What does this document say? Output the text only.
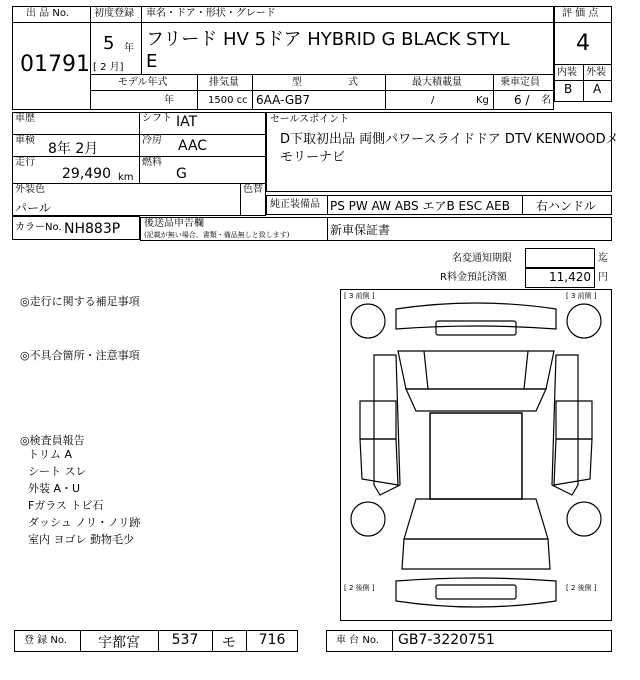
出 品 No.
01791
初度登録
5 年
[ 2 月]
車名・ドア・形状・グレード
フリード HV 5ドア HYBRID G BLACK STYL
E
モデル年式
年
排気量
1500 cc
型	式
6AA-GB7
最大積載量
/	Kg
乗車定員
6 / 名
評 価 点
4
内装 外装
B A
車歴	シフト IAT
車検
8年 2月
冷房 AAC
走行
29,490 km
燃料
G
外装色
パール
色替
カラーNo. NH883P
セールスポイント
D下取初出品 両側パワースライドドア DTV KENWOODメ
モリーナビ
純正装備品 PS PW AW ABS エアB ESC AEB 右ハンドル
後送品申告欄
(記載が無い場合、書類・備品無しと致します)	新車保証書
名変通知期限	迄
R料金預託済額	11,420 円
◎走行に関する補足事項
◎不具合箇所・注意事項
◎検査員報告
トリム A
シート スレ
外装 A・U
Fガラス トビ石
ダッシュ ノリ・ノリ跡
室内 ヨゴレ 動物毛少
[ 3 前側 ]	[ 3 前側 ]
[ 2 後側 ]	[ 2 後側 ]
登 録 No.	宇都宮	537	モ	716	車 台 No. GB7-3220751
